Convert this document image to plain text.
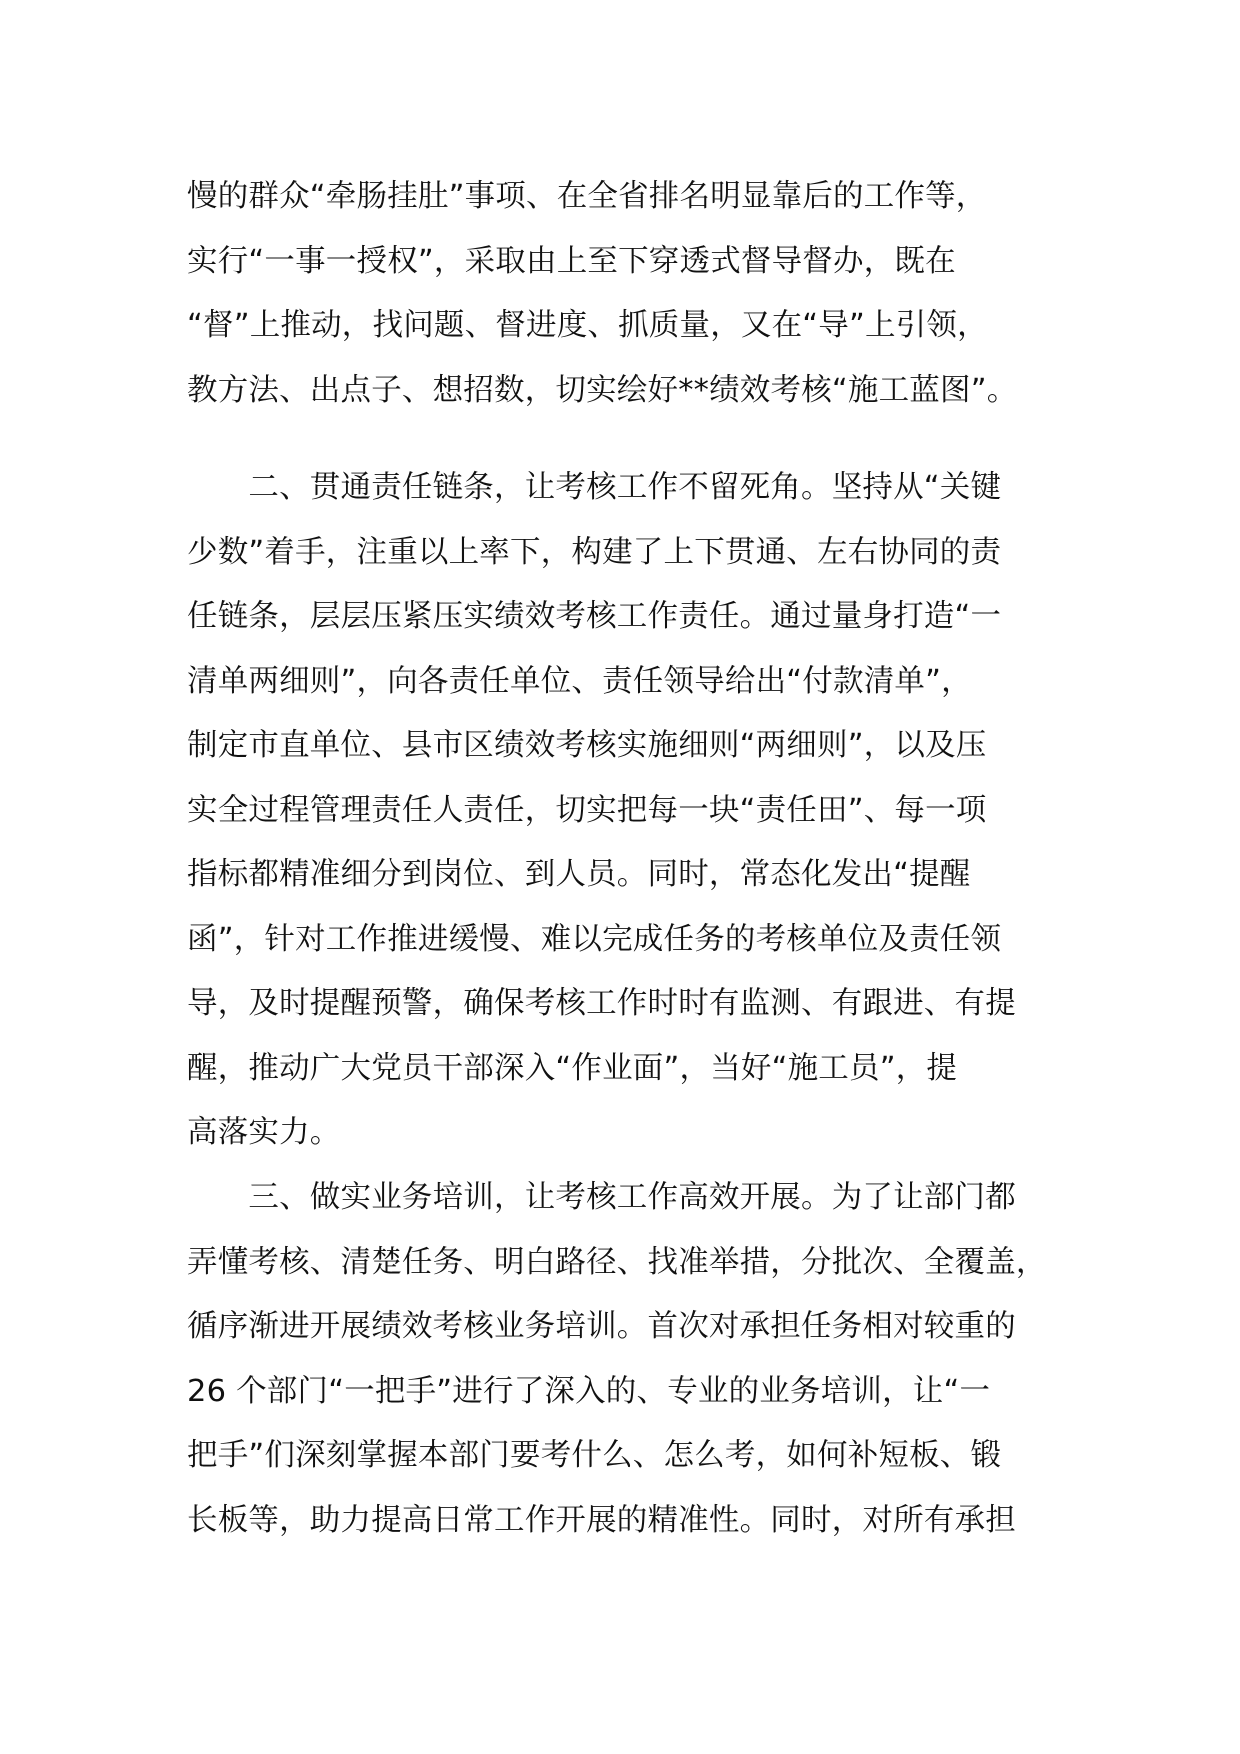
慢的群众“牵肠挂肚”事项、在全省排名明显靠后的工作等，
实行“一事一授权”，采取由上至下穿透式督导督办，既在
“督”上推动，找问题、督进度、抓质量，又在“导”上引领，
教方法、出点子、想招数，切实绘好**绩效考核“施工蓝图”。
　　二、贯通责任链条，让考核工作不留死角。坚持从“关键
少数”着手，注重以上率下，构建了上下贯通、左右协同的责
任链条，层层压紧压实绩效考核工作责任。通过量身打造“一
清单两细则”，向各责任单位、责任领导给出“付款清单”，
制定市直单位、县市区绩效考核实施细则“两细则”，以及压
实全过程管理责任人责任，切实把每一块“责任田”、每一项
指标都精准细分到岗位、到人员。同时，常态化发出“提醒
函”，针对工作推进缓慢、难以完成任务的考核单位及责任领
导，及时提醒预警，确保考核工作时时有监测、有跟进、有提
醒，推动广大党员干部深入“作业面”，当好“施工员”，提
高落实力。
　　三、做实业务培训，让考核工作高效开展。为了让部门都
弄懂考核、清楚任务、明白路径、找准举措，分批次、全覆盖，
循序渐进开展绩效考核业务培训。首次对承担任务相对较重的
26 个部门“一把手”进行了深入的、专业的业务培训，让“一
把手”们深刻掌握本部门要考什么、怎么考，如何补短板、锻
长板等，助力提高日常工作开展的精准性。同时，对所有承担
